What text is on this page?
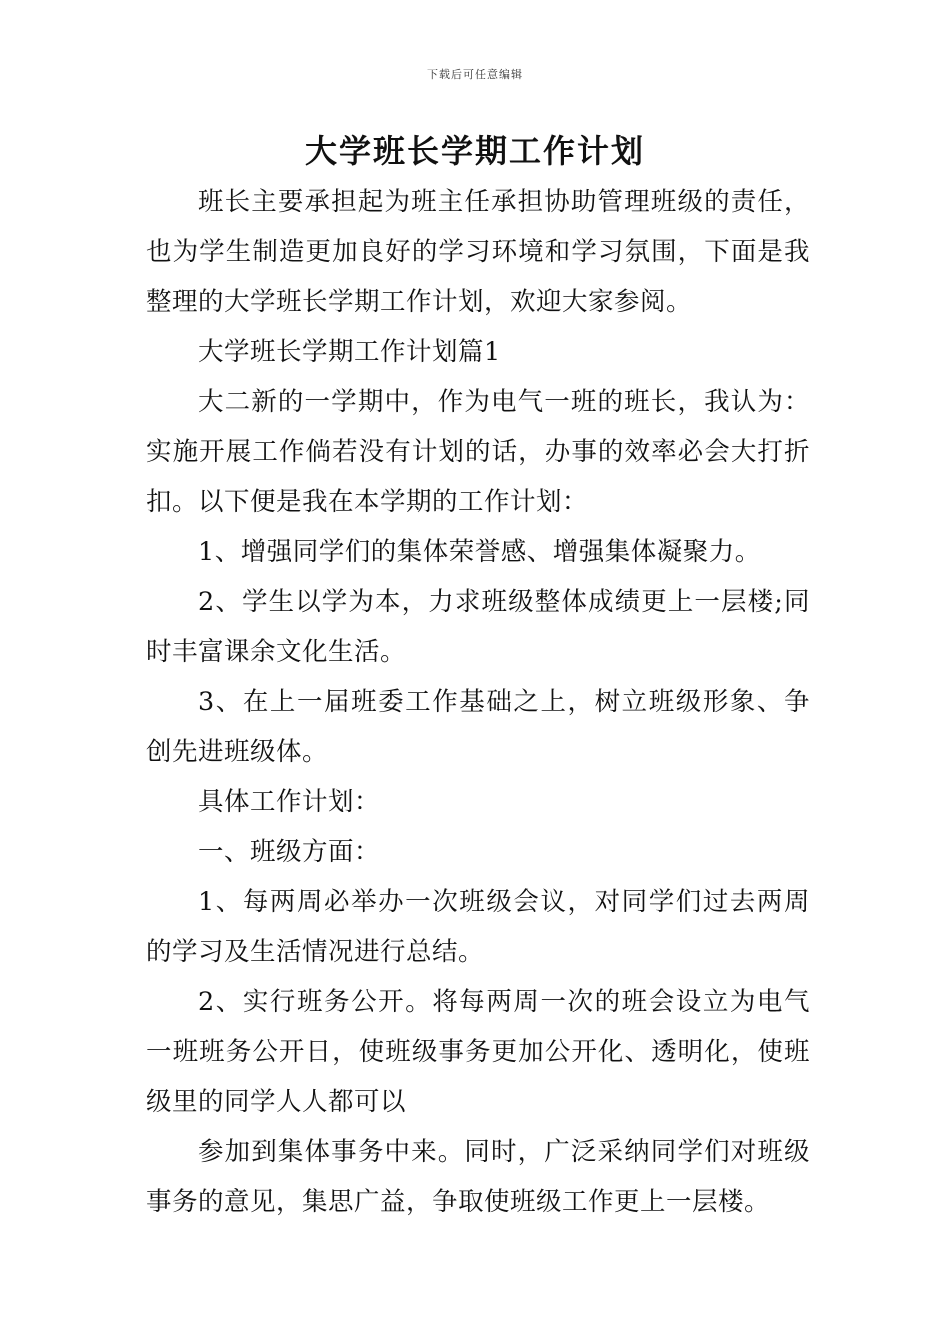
下载后可任意编辑
大学班长学期工作计划

班长主要承担起为班主任承担协助管理班级的责任，也为学生制造更加良好的学习环境和学习氛围，下面是我整理的大学班长学期工作计划，欢迎大家参阅。

大学班长学期工作计划篇1

大二新的一学期中，作为电气一班的班长，我认为：实施开展工作倘若没有计划的话，办事的效率必会大打折扣。以下便是我在本学期的工作计划：

1、增强同学们的集体荣誉感、增强集体凝聚力。

2、学生以学为本，力求班级整体成绩更上一层楼;同时丰富课余文化生活。

3、在上一届班委工作基础之上，树立班级形象、争创先进班级体。

具体工作计划：

一、班级方面：

1、每两周必举办一次班级会议，对同学们过去两周的学习及生活情况进行总结。

2、实行班务公开。将每两周一次的班会设立为电气一班班务公开日，使班级事务更加公开化、透明化，使班级里的同学人人都可以

参加到集体事务中来。同时，广泛采纳同学们对班级事务的意见，集思广益，争取使班级工作更上一层楼。
